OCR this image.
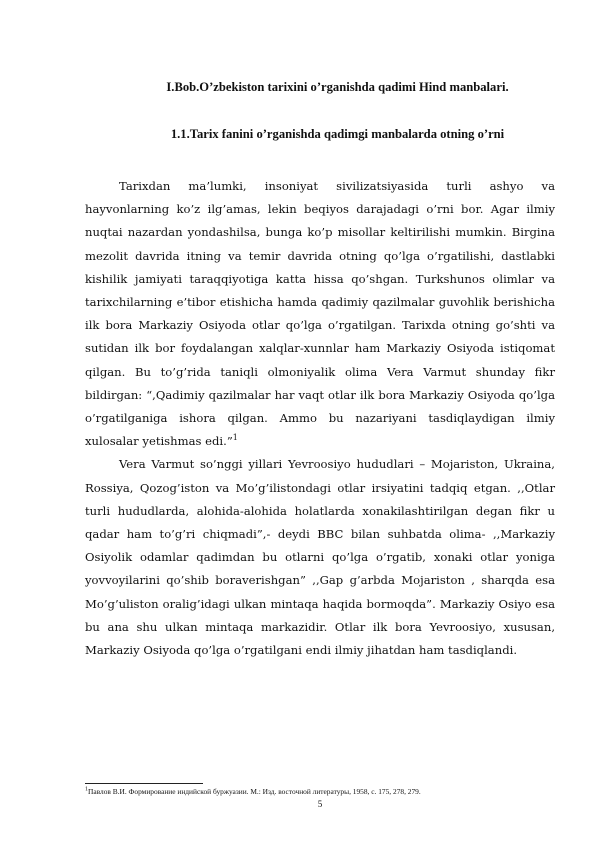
I.Bob.O’zbekiston tarixini o’rganishda qadimi Hind manbalari.
1.1.Tarix fanini o’rganishda qadimgi manbalarda otning o’rni

Tarixdan ma’lumki, insoniyat sivilizatsiyasida turli ashyo va hayvonlarning ko’z ilg’amas, lekin beqiyos darajadagi o’rni bor. Agar ilmiy nuqtai nazardan yondashilsa, bunga ko’p misollar keltirilishi mumkin. Birgina mezolit davrida itning va temir davrida otning qo’lga o’rgatilishi, dastlabki kishilik jamiyati taraqqiyotiga katta hissa qo’shgan. Turkshunos olimlar va tarixchilarning e’tibor etishicha hamda qadimiy qazilmalar guvohlik berishicha ilk bora Markaziy Osiyoda otlar qo’lga o’rgatilgan. Tarixda otning go’shti va sutidan ilk bor foydalangan xalqlar-xunnlar ham Markaziy Osiyoda istiqomat qilgan. Bu to’g’rida taniqli olmoniyalik olima Vera Varmut shunday fikr bildirgan: “,Qadimiy qazilmalar har vaqt otlar ilk bora Markaziy Osiyoda qo’lga o’rgatilganiga ishora qilgan. Ammo bu nazariyani tasdiqlaydigan ilmiy xulosalar yetishmas edi.”$^1$

Vera Varmut so’nggi yillari Yevroosiyo hududlari – Mojariston, Ukraina, Rossiya, Qozog’iston va Mo’g’ilistondagi otlar irsiyatini tadqiq etgan. ,,Otlar turli hududlarda, alohida-alohida holatlarda xonakilashtirilgan degan fikr u qadar ham to’g’ri chiqmadi”,- deydi BBC bilan suhbatda olima- ,,Markaziy Osiyolik odamlar qadimdan bu otlarni qo’lga o’rgatib, xonaki otlar yoniga yovvoyilarini qo’shib boraverishgan” ,,Gap g’arbda Mojariston , sharqda esa Mo’g’uliston oralig’idagi ulkan mintaqa haqida bormoqda”. Markaziy Osiyo esa bu ana shu ulkan mintaqa markazidir. Otlar ilk bora Yevroosiyo, xususan, Markaziy Osiyoda qo’lga o’rgatilgani endi ilmiy jihatdan ham tasdiqlandi.

$^1$Павлов В.И. Формирование индийской буржуазии. М.: Изд. восточной литературы, 1958, с. 175, 278, 279.
5
